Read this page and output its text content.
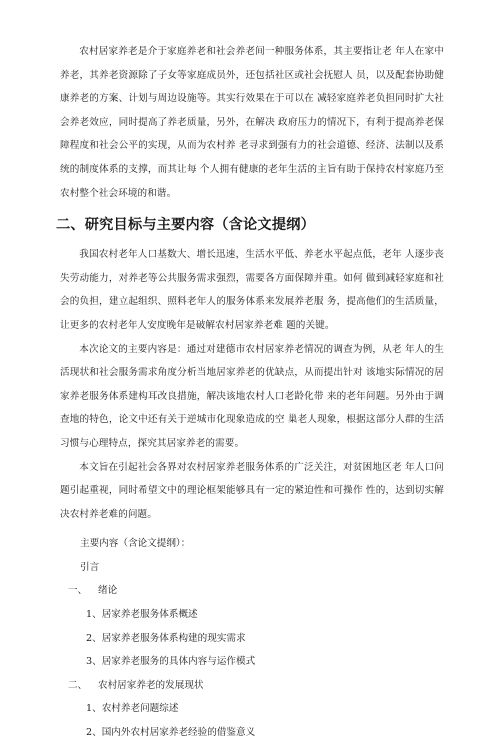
农村居家养老是介于家庭养老和社会养老间一种服务体系，其主要指让老 年人在家中养老，其养老资源除了子女等家庭成员外，还包括社区或社会抚慰人 员，以及配套协助健康养老的方案、计划与周边设施等。其实行效果在于可以在 减轻家庭养老负担同时扩大社会养老效应，同时提高了养老质量，另外，在解决 政府压力的情况下，有利于提高养老保障程度和社会公平的实现，从而为农村养 老寻求到强有力的社会道德、经济、法制以及系统的制度体系的支撑，而其让每 个人拥有健康的老年生活的主旨有助于保持农村家庭乃至农村整个社会环境的和谐。

二、研究目标与主要内容（含论文提纲）

我国农村老年人口基数大、增长迅速，生活水平低、养老水平起点低，老年 人逐步丧失劳动能力，对养老等公共服务需求强烈，需要各方面保障并重。如何 做到减轻家庭和社会的负担，建立起组织、照料老年人的服务体系来发展养老服 务，提高他们的生活质量，让更多的农村老年人安度晚年是破解农村居家养老难 题的关键。

本次论文的主要内容是：通过对建德市农村居家养老情况的调查为例，从老 年人的生活现状和社会服务需求角度分析当地居家养老的优缺点，从而提出针对 该地实际情况的居家养老服务体系建构耳改良措施，解决该地农村人口老龄化带 来的老年问题。另外由于调查地的特色，论文中还有关于逆城市化现象造成的空 巢老人现象，根据这部分人群的生活习惯与心理特点，探究其居家养老的需要。

本文旨在引起社会各界对农村居家养老服务体系的广泛关注，对贫困地区老 年人口问题引起重视，同时希望文中的理论框架能够具有一定的紧迫性和可操作 性的，达到切实解决农村养老难的问题。

主要内容（含论文提纲）：
引言
一、 绪论
1、居家养老服务体系概述
2、居家养老服务体系构建的现实需求
3、居家养老服务的具体内容与运作模式
二、 农村居家养老的发展现状
1、农村养老问题综述
2、国内外农村居家养老经验的借鉴意义
